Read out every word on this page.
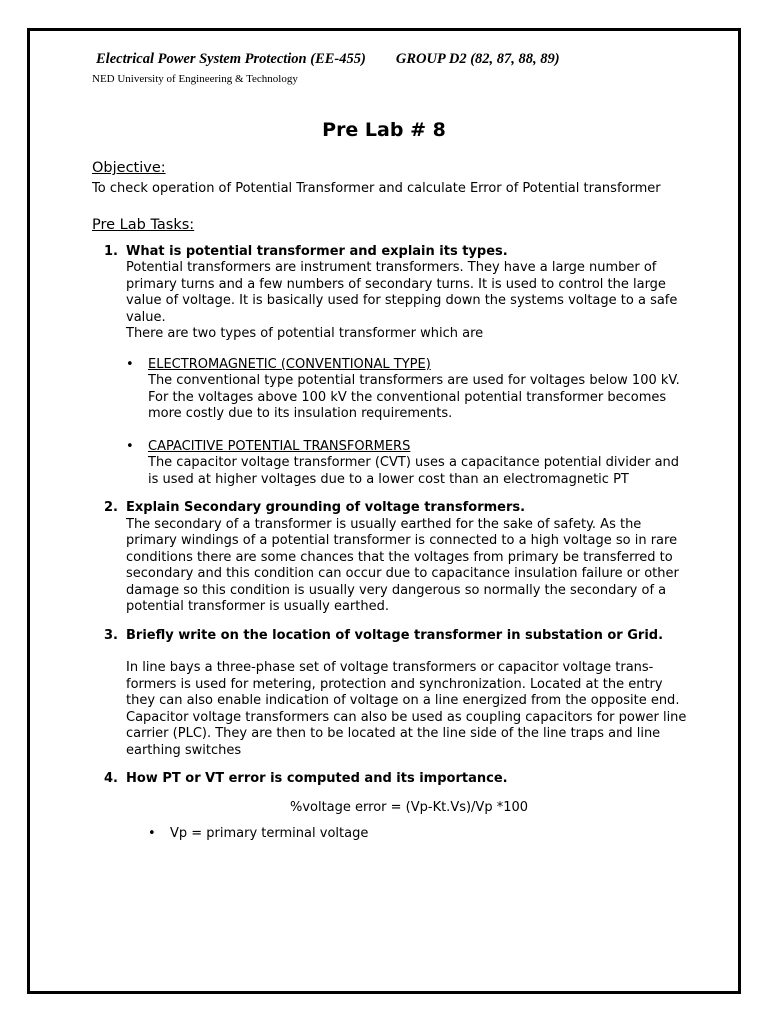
Electrical Power System Protection (EE-455) GROUP D2 (82, 87, 88, 89)
NED University of Engineering & Technology
Pre Lab # 8

Objective:

To check operation of Potential Transformer and calculate Error of Potential transformer

Pre Lab Tasks:

1. What is potential transformer and explain its types.
Potential transformers are instrument transformers. They have a large number of primary turns and a few numbers of secondary turns. It is used to control the large value of voltage. It is basically used for stepping down the systems voltage to a safe value.
There are two types of potential transformer which are
• ELECTROMAGNETIC (CONVENTIONAL TYPE)
The conventional type potential transformers are used for voltages below 100 kV. For the voltages above 100 kV the conventional potential transformer becomes more costly due to its insulation requirements.
• CAPACITIVE POTENTIAL TRANSFORMERS
The capacitor voltage transformer (CVT) uses a capacitance potential divider and is used at higher voltages due to a lower cost than an electromagnetic PT
2. Explain Secondary grounding of voltage transformers.
The secondary of a transformer is usually earthed for the sake of safety. As the primary windings of a potential transformer is connected to a high voltage so in rare conditions there are some chances that the voltages from primary be transferred to secondary and this condition can occur due to capacitance insulation failure or other damage so this condition is usually very dangerous so normally the secondary of a potential transformer is usually earthed.
3. Briefly write on the location of voltage transformer in substation or Grid.
In line bays a three-phase set of voltage transformers or capacitor voltage trans-formers is used for metering, protection and synchronization. Located at the entry they can also enable indication of voltage on a line energized from the opposite end. Capacitor voltage transformers can also be used as coupling capacitors for power line carrier (PLC). They are then to be located at the line side of the line traps and line earthing switches
4. How PT or VT error is computed and its importance.
%voltage error = (Vp-Kt.Vs)/Vp *100
• Vp = primary terminal voltage
